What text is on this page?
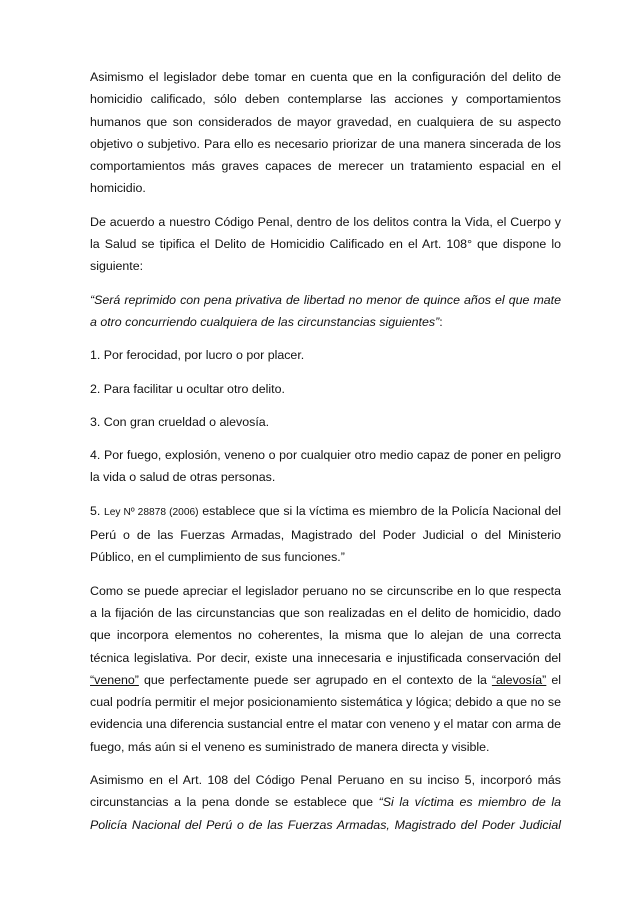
Asimismo el legislador debe tomar en cuenta que en la configuración del delito de homicidio calificado, sólo deben contemplarse las acciones y comportamientos humanos que son considerados de mayor gravedad, en cualquiera de su aspecto objetivo o subjetivo. Para ello es necesario priorizar de una manera sincerada de los comportamientos más graves capaces de merecer un tratamiento espacial en el homicidio.

De acuerdo a nuestro Código Penal, dentro de los delitos contra la Vida, el Cuerpo y la Salud se tipifica el Delito de Homicidio Calificado en el Art. 108° que dispone lo siguiente:

“Será reprimido con pena privativa de libertad no menor de quince años el que mate a otro concurriendo cualquiera de las circunstancias siguientes”:

1. Por ferocidad, por lucro o por placer.

2. Para facilitar u ocultar otro delito.

3. Con gran crueldad o alevosía.

4. Por fuego, explosión, veneno o por cualquier otro medio capaz de poner en peligro la vida o salud de otras personas.

5. Ley Nº 28878 (2006) establece que si la víctima es miembro de la Policía Nacional del Perú o de las Fuerzas Armadas, Magistrado del Poder Judicial o del Ministerio Público, en el cumplimiento de sus funciones.”

Como se puede apreciar el legislador peruano no se circunscribe en lo que respecta a la fijación de las circunstancias que son realizadas en el delito de homicidio, dado que incorpora elementos no coherentes, la misma que lo alejan de una correcta técnica legislativa. Por decir, existe una innecesaria e injustificada conservación del “veneno” que perfectamente puede ser agrupado en el contexto de la “alevosía” el cual podría permitir el mejor posicionamiento sistemática y lógica; debido a que no se evidencia una diferencia sustancial entre el matar con veneno y el matar con arma de fuego, más aún si el veneno es suministrado de manera directa y visible.

Asimismo en el Art. 108 del Código Penal Peruano en su inciso 5, incorporó más circunstancias a la pena donde se establece que “Si la víctima es miembro de la Policía Nacional del Perú o de las Fuerzas Armadas, Magistrado del Poder Judicial
